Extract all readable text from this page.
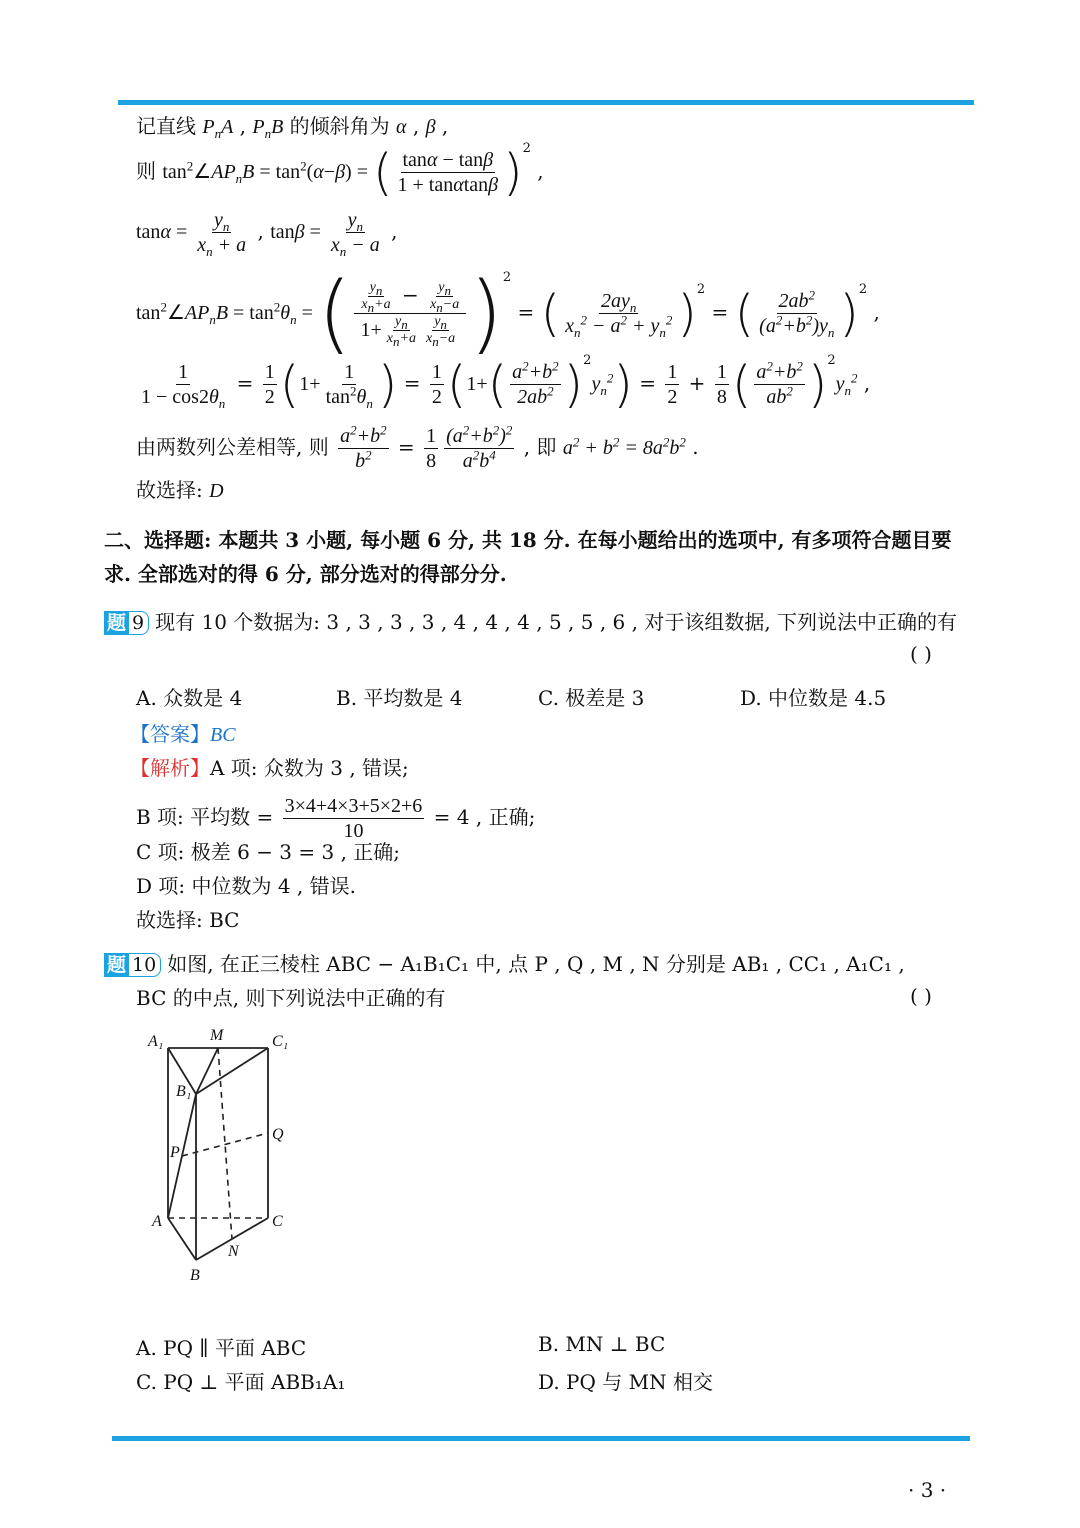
记直线 $P_nA$ , $P_nB$ 的倾斜角为 α , β ,
则 $\tan^2\angle AP_nB = \tan^2(\alpha-\beta)$ = ( $\frac{\tan\alpha - \tan\beta}{1 + \tan\alpha\tan\beta} )^2$ ,
$\tan\alpha = \frac{y_n}{x_n + a}$ , $\tan\beta = \frac{y_n}{x_n - a}$ ,
$\tan^2\angle AP_nB = \tan^2\theta_n$ = ( $\frac{\frac{y_n}{x_n+a} - \frac{y_n}{x_n-a}}{1+ \frac{y_n}{x_n+a} \frac{y_n}{x_n-a}} )^2$ = ( $\frac{2ay_n}{x_n^2 - a^2 + y_n^2} )^2$ = ( $\frac{2ab^2}{(a^2+b^2)y_n} )^2$ ,
$\frac{1}{1 - \cos 2\theta_n} = \frac{1}{2} (1+ \frac{1}{\tan^2\theta_n}$ ) = $\frac{1}{2} (1+( \frac{a^2+b^2}{2ab^2} )^2y_n^2) = \frac{1}{2} + \frac{1}{8}$ ( $\frac{a^2+b^2}{ab^2} )^2y_n^2$ ,
由两数列公差相等, 则 $\frac{a^2+b^2}{b^2} = \frac{1}{8} \frac{(a^2+b^2)^2}{a^2b^4}$ , 即 $a^2 + b^2 = 8a^2b^2$ .
故选择: D
二、选择题: 本题共 3 小题, 每小题 6 分, 共 18 分. 在每小题给出的选项中, 有多项符合题目要
求. 全部选对的得 6 分, 部分选对的得部分分.
题 9 现有 10 个数据为: 3 , 3 , 3 , 3 , 4 , 4 , 4 , 5 , 5 , 6 , 对于该组数据, 下列说法中正确的有
( )
A. 众数是 4	B. 平均数是 4	C. 极差是 3	D. 中位数是 4.5
【答案】BC
【解析】A 项: 众数为 3 , 错误;
B 项: 平均数 = $\frac{3\times 4+4\times 3+5\times 2+6}{10} = 4$ , 正确;
C 项: 极差 6 − 3 = 3 , 正确;
D 项: 中位数为 4 , 错误.
故选择: BC
题 10 如图, 在正三棱柱 ABC − A₁B₁C₁ 中, 点 P , Q , M , N 分别是 AB₁ , CC₁ , A₁C₁ ,
BC 的中点, 则下列说法中正确的有	( )
A₁	M	C₁
B₁
Q
P
A	C
N
B
A. PQ ∥ 平面 ABC	B. MN ⊥ BC
C. PQ ⊥ 平面 ABB₁A₁	D. PQ 与 MN 相交
· 3 ·
